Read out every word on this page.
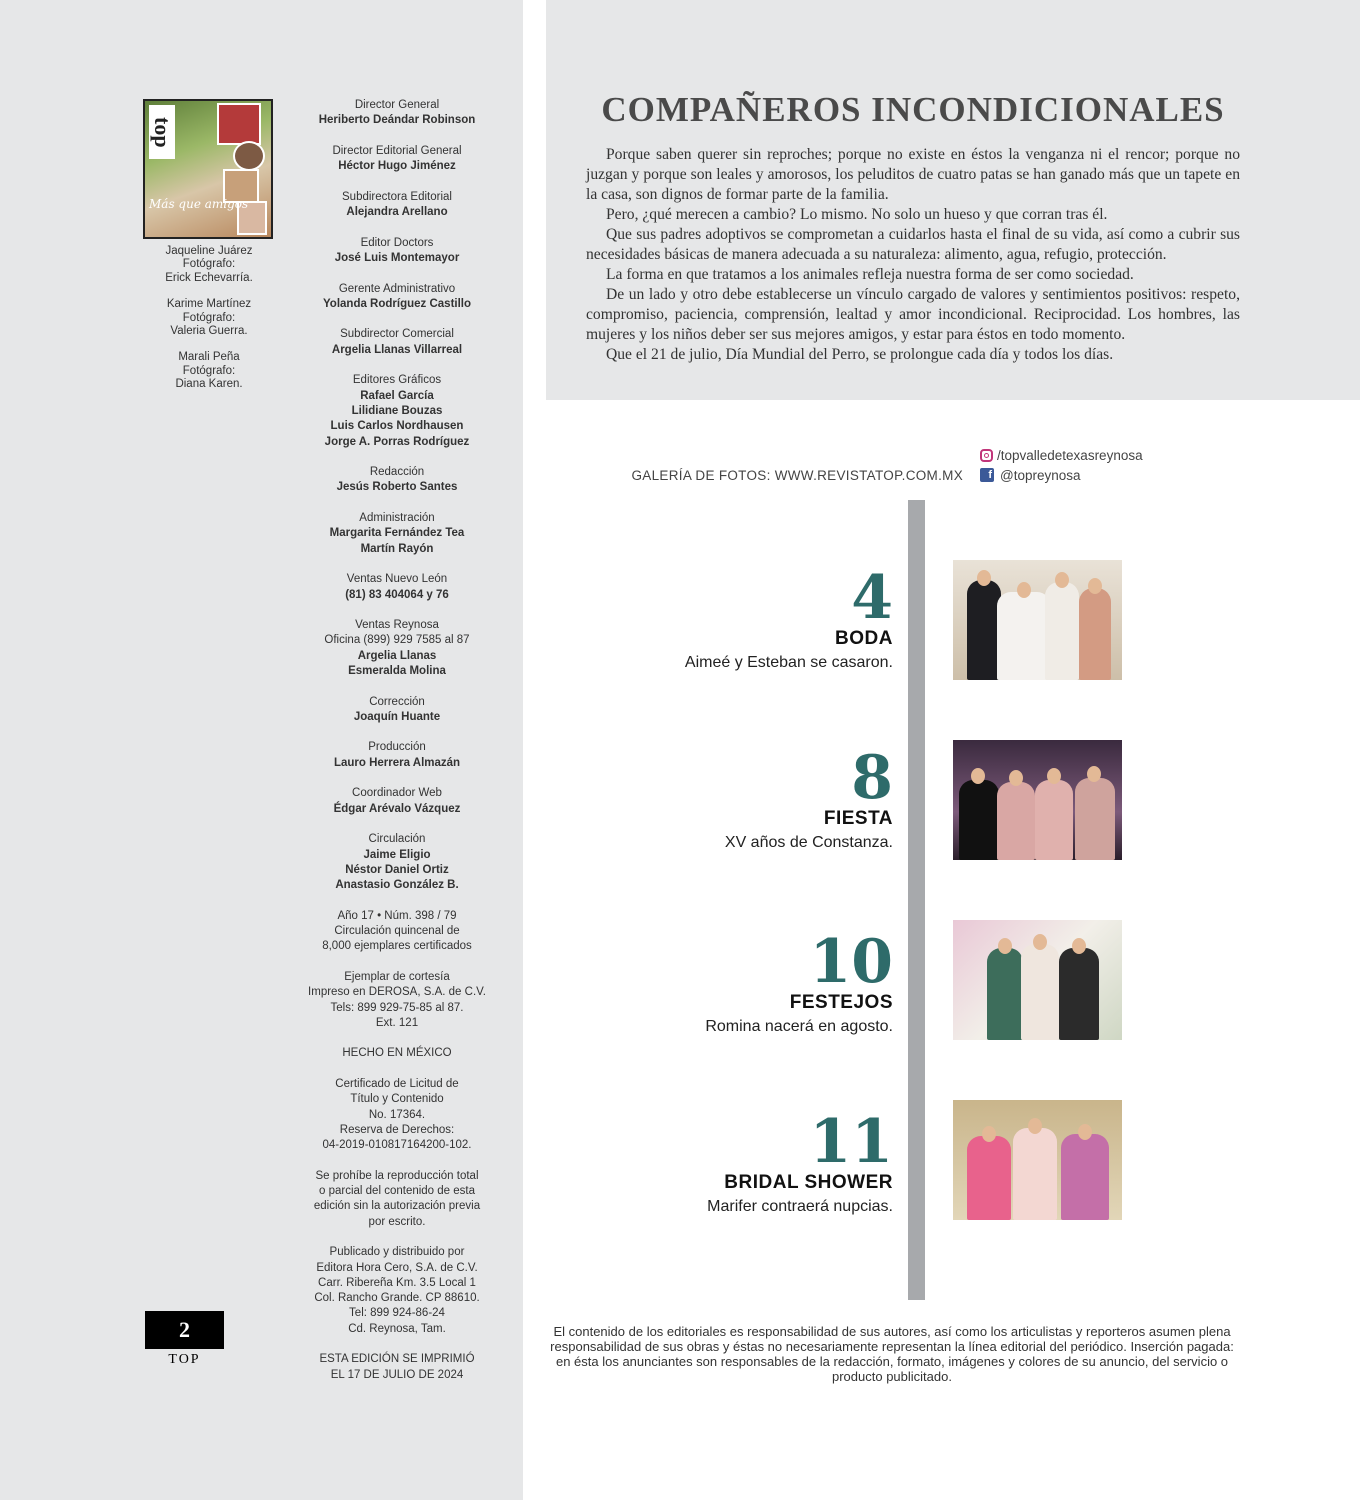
top
Más que amigos
Jaqueline Juárez
Fotógrafo:
Erick Echevarría.
Karime Martínez
Fotógrafo:
Valeria Guerra.
Marali Peña
Fotógrafo:
Diana Karen.
Director General
Heriberto Deándar Robinson
Director Editorial General
Héctor Hugo Jiménez
Subdirectora Editorial
Alejandra Arellano
Editor Doctors
José Luis Montemayor
Gerente Administrativo
Yolanda Rodríguez Castillo
Subdirector Comercial
Argelia Llanas Villarreal
Editores Gráficos
Rafael García
Lilidiane Bouzas
Luis Carlos Nordhausen
Jorge A. Porras Rodríguez
Redacción
Jesús Roberto Santes
Administración
Margarita Fernández Tea
Martín Rayón
Ventas Nuevo León
(81) 83 404064 y 76
Ventas Reynosa
Oficina (899) 929 7585 al 87
Argelia Llanas
Esmeralda Molina
Corrección
Joaquín Huante
Producción
Lauro Herrera Almazán
Coordinador Web
Édgar Arévalo Vázquez
Circulación
Jaime Eligio
Néstor Daniel Ortiz
Anastasio González B.
Año 17 • Núm. 398 / 79
Circulación quincenal de
8,000 ejemplares certificados
Ejemplar de cortesía
Impreso en DEROSA, S.A. de C.V.
Tels: 899 929-75-85 al 87.
Ext. 121
HECHO EN MÉXICO
Certificado de Licitud de
Título y Contenido
No. 17364.
Reserva de Derechos:
04-2019-010817164200-102.
Se prohíbe la reproducción total
o parcial del contenido de esta
edición sin la autorización previa
por escrito.
Publicado y distribuido por
Editora Hora Cero, S.A. de C.V.
Carr. Ribereña Km. 3.5 Local 1
Col. Rancho Grande. CP 88610.
Tel: 899 924-86-24
Cd. Reynosa, Tam.
ESTA EDICIÓN SE IMPRIMIÓ
EL 17 DE JULIO DE 2024
2
TOP
COMPAÑEROS INCONDICIONALES

Porque saben querer sin reproches; porque no existe en éstos la venganza ni el rencor; porque no juzgan y porque son leales y amorosos, los peluditos de cuatro patas se han ganado más que un tapete en la casa, son dignos de formar parte de la familia.

Pero, ¿qué merecen a cambio? Lo mismo. No solo un hueso y que corran tras él.

Que sus padres adoptivos se comprometan a cuidarlos hasta el final de su vida, así como a cubrir sus necesidades básicas de manera adecuada a su naturaleza: alimento, agua, refugio, protección.

La forma en que tratamos a los animales refleja nuestra forma de ser como sociedad.

De un lado y otro debe establecerse un vínculo cargado de valores y sentimientos positivos: respeto, compromiso, paciencia, comprensión, lealtad y amor incondicional. Reciprocidad. Los hombres, las mujeres y los niños deber ser sus mejores amigos, y estar para éstos en todo momento.

Que el 21 de julio, Día Mundial del Perro, se prolongue cada día y todos los días.

GALERÍA DE FOTOS: WWW.REVISTATOP.COM.MX
/topvalledetexasreynosa
f @topreynosa
4
BODA
Aimeé y Esteban se casaron.
8
FIESTA
XV años de Constanza.
10
FESTEJOS
Romina nacerá en agosto.
11
BRIDAL SHOWER
Marifer contraerá nupcias.
El contenido de los editoriales es responsabilidad de sus autores, así como los articulistas y reporteros asumen plena responsabilidad de sus obras y éstas no necesariamente representan la línea editorial del periódico. Inserción pagada: en ésta los anunciantes son responsables de la redacción, formato, imágenes y colores de su anuncio, del servicio o producto publicitado.
